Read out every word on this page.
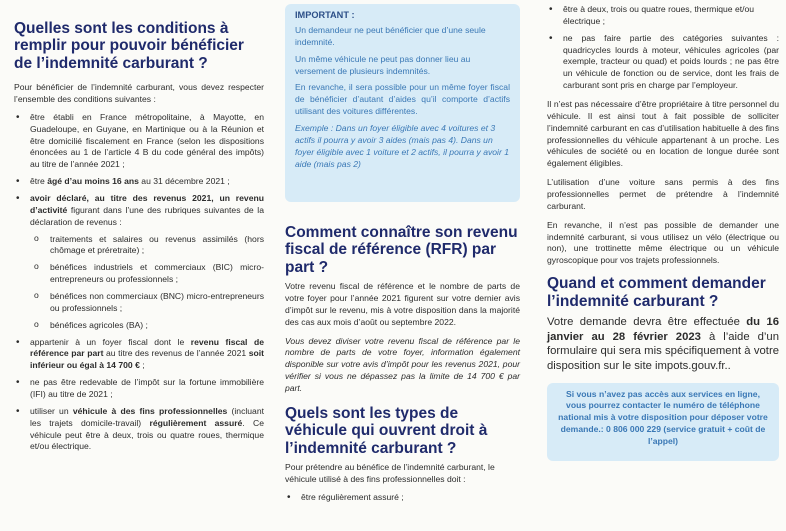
Quelles sont les conditions à remplir pour pouvoir bénéficier de l’indemnité carburant ?

Pour bénéficier de l’indemnité carburant, vous devez respecter l’ensemble des conditions suivantes :

• être établi en France métropolitaine, à Mayotte, en Guadeloupe, en Guyane, en Martinique ou à la Réunion et être domicilié fiscalement en France (selon les dispositions énoncées au 1 de l’article 4 B du code général des impôts) au titre de l’année 2021 ;
• être âgé d’au moins 16 ans au 31 décembre 2021 ;
• avoir déclaré, au titre des revenus 2021, un revenu d’activité figurant dans l’une des rubriques suivantes de la déclaration de revenus :
o traitements et salaires ou revenus assimilés (hors chômage et préretraite) ;
o bénéfices industriels et commerciaux (BIC) micro-entrepreneurs ou professionnels ;
o bénéfices non commerciaux (BNC) micro-entrepreneurs ou professionnels ;
o bénéfices agricoles (BA) ;
• appartenir à un foyer fiscal dont le revenu fiscal de référence par part au titre des revenus de l’année 2021 soit inférieur ou égal à 14 700 € ;
• ne pas être redevable de l’impôt sur la fortune immobilière (IFI) au titre de 2021 ;
• utiliser un véhicule à des fins professionnelles (incluant les trajets domicile-travail) régulièrement assuré. Ce véhicule peut être à deux, trois ou quatre roues, thermique et/ou électrique.
IMPORTANT :

Un demandeur ne peut bénéficier que d’une seule indemnité.

Un même véhicule ne peut pas donner lieu au versement de plusieurs indemnités.

En revanche, il sera possible pour un même foyer fiscal de bénéficier d’autant d’aides qu’il comporte d’actifs utilisant des voitures différentes.

Exemple : Dans un foyer éligible avec 4 voitures et 3 actifs il pourra y avoir 3 aides (mais pas 4). Dans un foyer éligible avec 1 voiture et 2 actifs, il pourra y avoir 1 aide (mais pas 2)

Comment connaître son revenu fiscal de référence (RFR) par part ?

Votre revenu fiscal de référence et le nombre de parts de votre foyer pour l’année 2021 figurent sur votre dernier avis d’impôt sur le revenu, mis à votre disposition dans la majorité des cas aux mois d’août ou septembre 2022.

Vous devez diviser votre revenu fiscal de référence par le nombre de parts de votre foyer, information également disponible sur votre avis d’impôt pour les revenus 2021, pour vérifier si vous ne dépassez pas la limite de 14 700 € par part.

Quels sont les types de véhicule qui ouvrent droit à l’indemnité carburant ?

Pour prétendre au bénéfice de l’indemnité carburant, le véhicule utilisé à des fins professionnelles doit :

• être régulièrement assuré ;
• être à deux, trois ou quatre roues, thermique et/ou électrique ;
• ne pas faire partie des catégories suivantes : quadricycles lourds à moteur, véhicules agricoles (par exemple, tracteur ou quad) et poids lourds ; ne pas être un véhicule de fonction ou de service, dont les frais de carburant sont pris en charge par l’employeur.

Il n’est pas nécessaire d’être propriétaire à titre personnel du véhicule. Il est ainsi tout à fait possible de solliciter l’indemnité carburant en cas d’utilisation habituelle à des fins professionnelles du véhicule appartenant à un proche. Les véhicules de société ou en location de longue durée sont également éligibles.

L’utilisation d’une voiture sans permis à des fins professionnelles permet de prétendre à l’indemnité carburant.

En revanche, il n’est pas possible de demander une indemnité carburant, si vous utilisez un vélo (électrique ou non), une trottinette même électrique ou un véhicule gyroscopique pour vos trajets professionnels.

Quand et comment demander l’indemnité carburant ?

Votre demande devra être effectuée du 16 janvier au 28 février 2023 à l’aide d’un formulaire qui sera mis spécifiquement à votre disposition sur le site impots.gouv.fr..

Si vous n’avez pas accès aux services en ligne, vous pourrez contacter le numéro de téléphone national mis à votre disposition pour déposer votre demande.: 0 806 000 229 (service gratuit + coût de l’appel)
